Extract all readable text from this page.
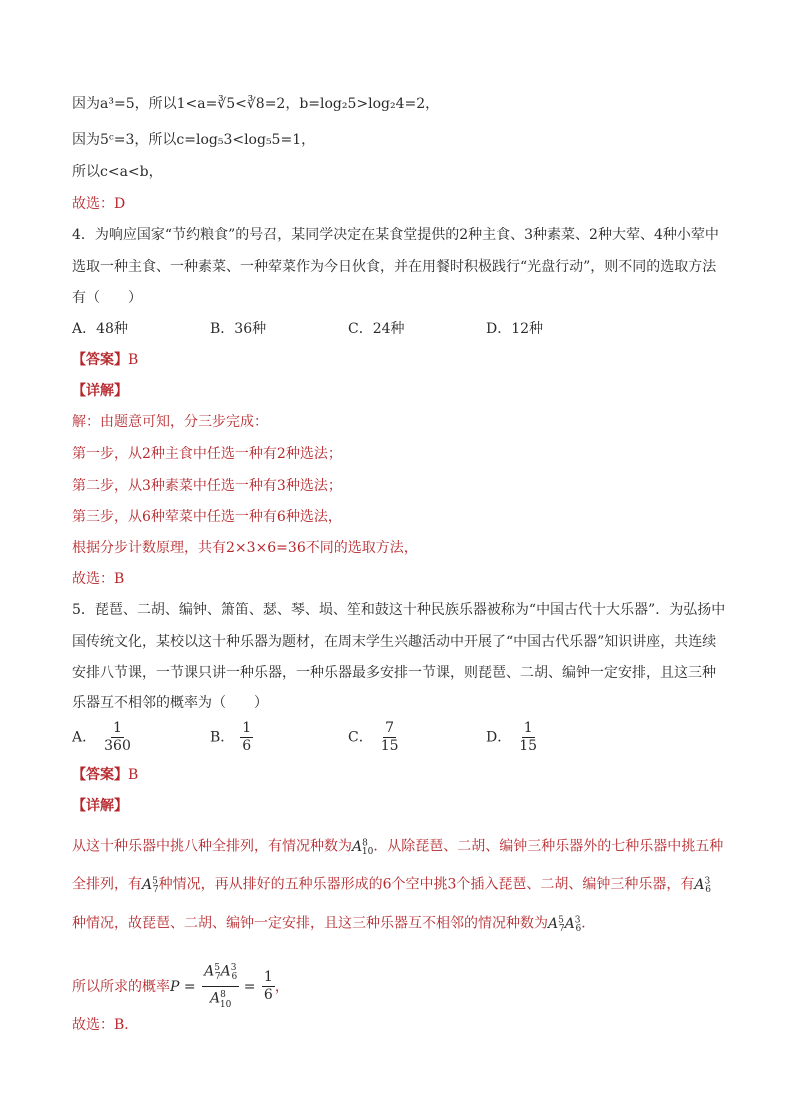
因为a³=5，所以1<a=∛5<∛8=2，b=log₂5>log₂4=2，
因为5ᶜ=3，所以c=log₅3<log₅5=1，
所以c<a<b，
故选：D
4．为响应国家“节约粮食”的号召，某同学决定在某食堂提供的2种主食、3种素菜、2种大荤、4种小荤中
选取一种主食、一种素菜、一种荤菜作为今日伙食，并在用餐时积极践行“光盘行动”，则不同的选取方法
有（　　）
A．48种	B．36种	C．24种	D．12种
【答案】B
【详解】
解：由题意可知，分三步完成：
第一步，从2种主食中任选一种有2种选法；
第二步，从3种素菜中任选一种有3种选法；
第三步，从6种荤菜中任选一种有6种选法，
根据分步计数原理，共有2×3×6=36不同的选取方法，
故选：B
5．琵琶、二胡、编钟、箫笛、瑟、琴、埙、笙和鼓这十种民族乐器被称为“中国古代十大乐器”．为弘扬中
国传统文化，某校以这十种乐器为题材，在周末学生兴趣活动中开展了“中国古代乐器”知识讲座，共连续
安排八节课，一节课只讲一种乐器，一种乐器最多安排一节课，则琵琶、二胡、编钟一定安排，且这三种
乐器互不相邻的概率为（　　）
A． $\frac{1}{360}$	B． $\frac{1}{6}$	C． $\frac{7}{15}$	D． $\frac{1}{15}$
【答案】B
【详解】
从这十种乐器中挑八种全排列，有情况种数为$A^8_{10}$．从除琵琶、二胡、编钟三种乐器外的七种乐器中挑五种
全排列，有$A^5_7$种情况，再从排好的五种乐器形成的6个空中挑3个插入琵琶、二胡、编钟三种乐器，有$A^3_6$
种情况，故琵琶、二胡、编钟一定安排，且这三种乐器互不相邻的情况种数为$A^5_7A^3_6$．
所以所求的概率$P = \frac{A^5_7A^3_6}{A^8_{10}} = \frac{1}{6}$ ，
故选：B．
